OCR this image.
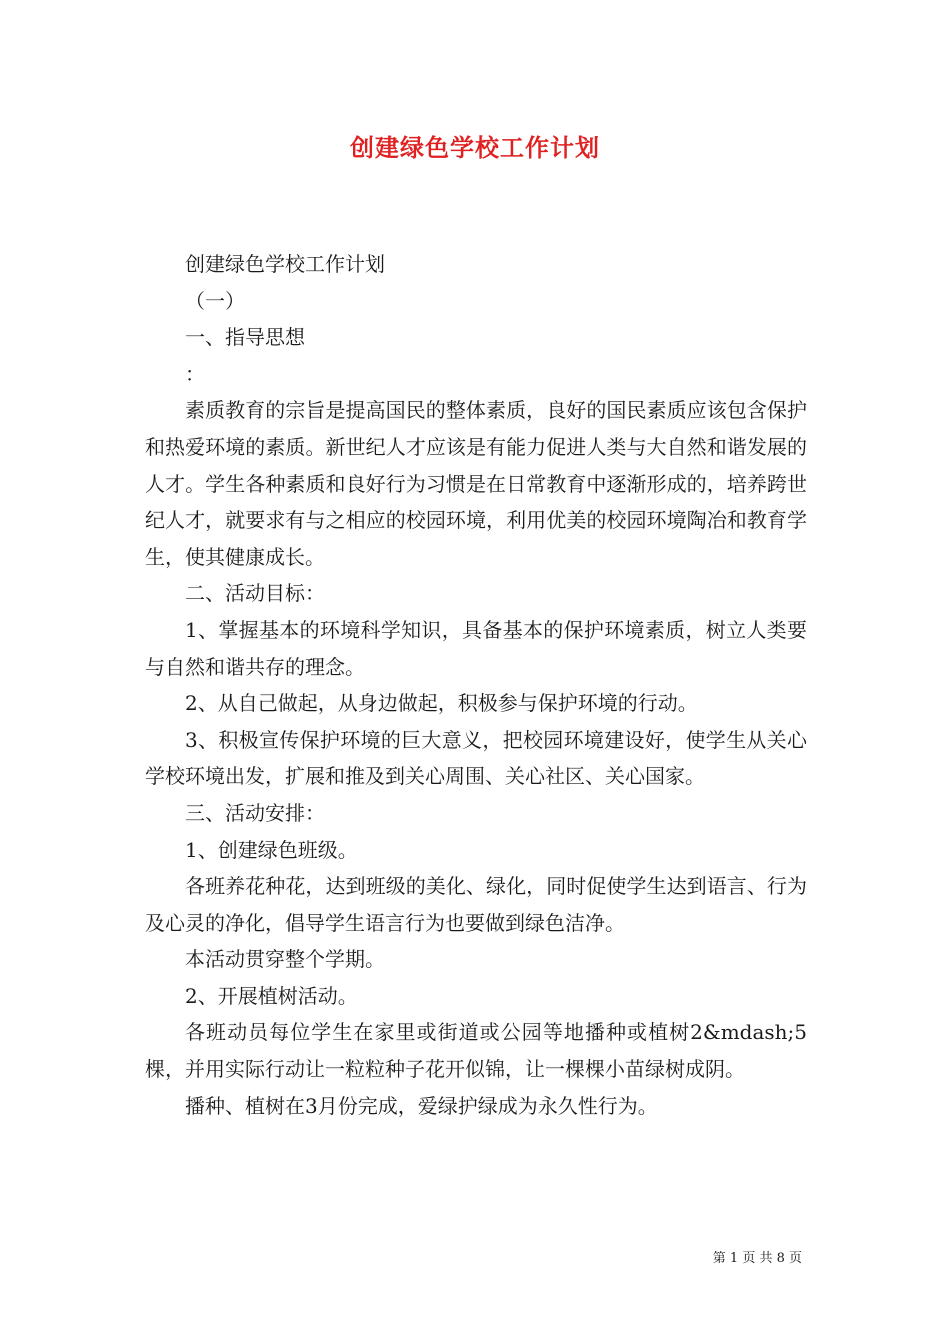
创建绿色学校工作计划

创建绿色学校工作计划

（一）

一、指导思想

：

素质教育的宗旨是提高国民的整体素质，良好的国民素质应该包含保护和热爱环境的素质。新世纪人才应该是有能力促进人类与大自然和谐发展的人才。学生各种素质和良好行为习惯是在日常教育中逐渐形成的，培养跨世纪人才，就要求有与之相应的校园环境，利用优美的校园环境陶冶和教育学生，使其健康成长。

二、活动目标：

1、掌握基本的环境科学知识，具备基本的保护环境素质，树立人类要与自然和谐共存的理念。

2、从自己做起，从身边做起，积极参与保护环境的行动。

3、积极宣传保护环境的巨大意义，把校园环境建设好，使学生从关心学校环境出发，扩展和推及到关心周围、关心社区、关心国家。

三、活动安排：

1、创建绿色班级。

各班养花种花，达到班级的美化、绿化，同时促使学生达到语言、行为及心灵的净化，倡导学生语言行为也要做到绿色洁净。

本活动贯穿整个学期。

2、开展植树活动。

各班动员每位学生在家里或街道或公园等地播种或植树2&mdash;5棵，并用实际行动让一粒粒种子花开似锦，让一棵棵小苗绿树成阴。

播种、植树在3月份完成，爱绿护绿成为永久性行为。

第 1 页 共 8 页
